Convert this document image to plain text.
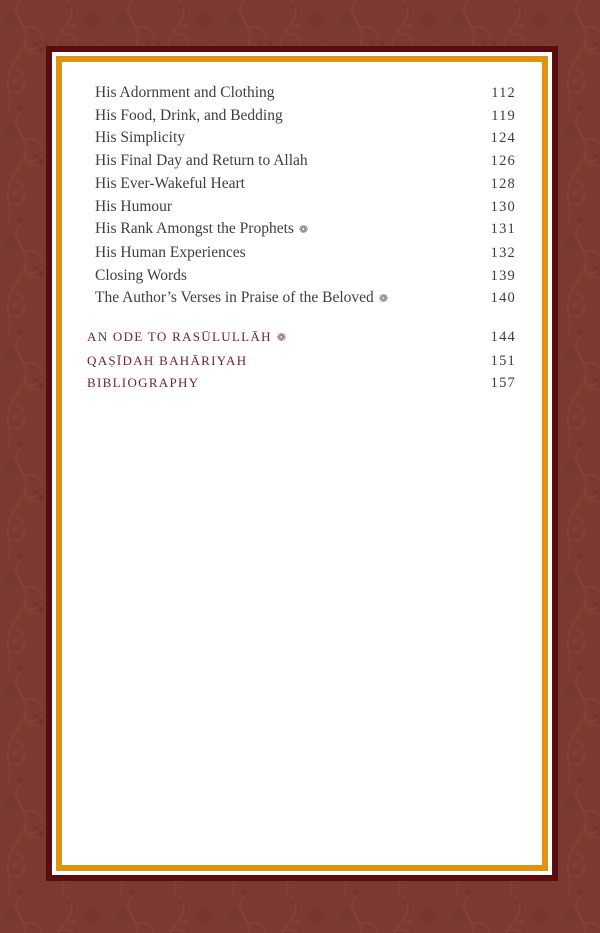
His Adornment and Clothing	112
His Food, Drink, and Bedding	119
His Simplicity	124
His Final Day and Return to Allah	126
His Ever-Wakeful Heart	128
His Humour	130
His Rank Amongst the Prophets ❁	131
His Human Experiences	132
Closing Words	139
The Author’s Verses in Praise of the Beloved ❁	140
AN ODE TO RASŪLULLĀH ❁	144
QAṢĪDAH BAHĀRIYAH	151
BIBLIOGRAPHY	157
